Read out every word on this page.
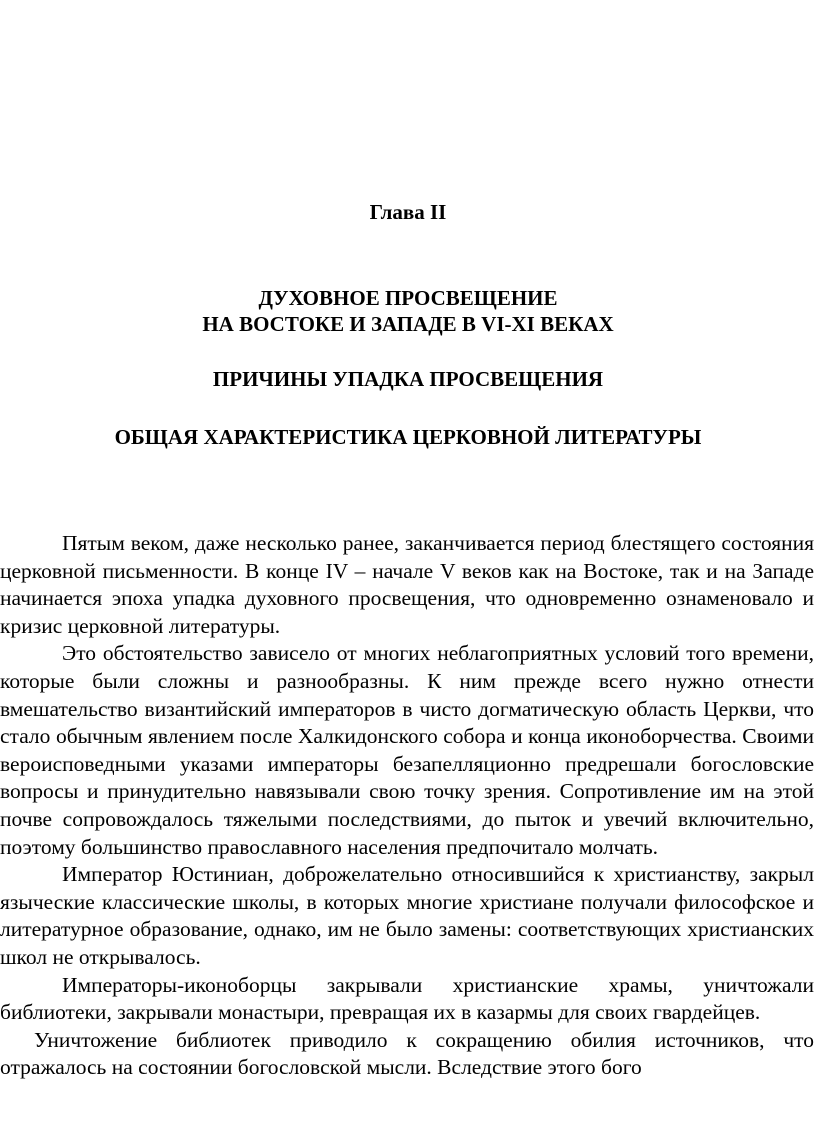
Глава II
ДУХОВНОЕ ПРОСВЕЩЕНИЕ
НА ВОСТОКЕ И ЗАПАДЕ В VI-XI ВЕКАХ
ПРИЧИНЫ УПАДКА ПРОСВЕЩЕНИЯ
ОБЩАЯ ХАРАКТЕРИСТИКА ЦЕРКОВНОЙ ЛИТЕРАТУРЫ

Пятым веком, даже несколько ранее, заканчивается период блестящего состояния церковной письменности. В конце IV – начале V веков как на Востоке, так и на Западе начинается эпоха упадка духовного просвещения, что одновременно ознаменовало и кризис церковной литературы.

Это обстоятельство зависело от многих неблагоприятных условий того времени, которые были сложны и разнообразны. К ним прежде всего нужно отнести вмешательство византийский императоров в чисто догматическую область Церкви, что стало обычным явлением после Халкидонского собора и конца иконоборчества. Своими вероисповедными указами императоры безапелляционно предрешали богословские вопросы и принудительно навязывали свою точку зрения. Сопротивление им на этой почве сопровождалось тяжелыми последствиями, до пыток и увечий включительно, поэтому большинство православного населения предпочитало молчать.

Император Юстиниан, доброжелательно относившийся к христианству, закрыл языческие классические школы, в которых многие христиане получали философское и литературное образование, однако, им не было замены: соответствующих христианских школ не открывалось.

Императоры-иконоборцы закрывали христианские храмы, уничтожали библиотеки, закрывали монастыри, превращая их в казармы для своих гвардейцев.

Уничтожение библиотек приводило к сокращению обилия источников, что отражалось на состоянии богословской мысли. Вследствие этого бого
